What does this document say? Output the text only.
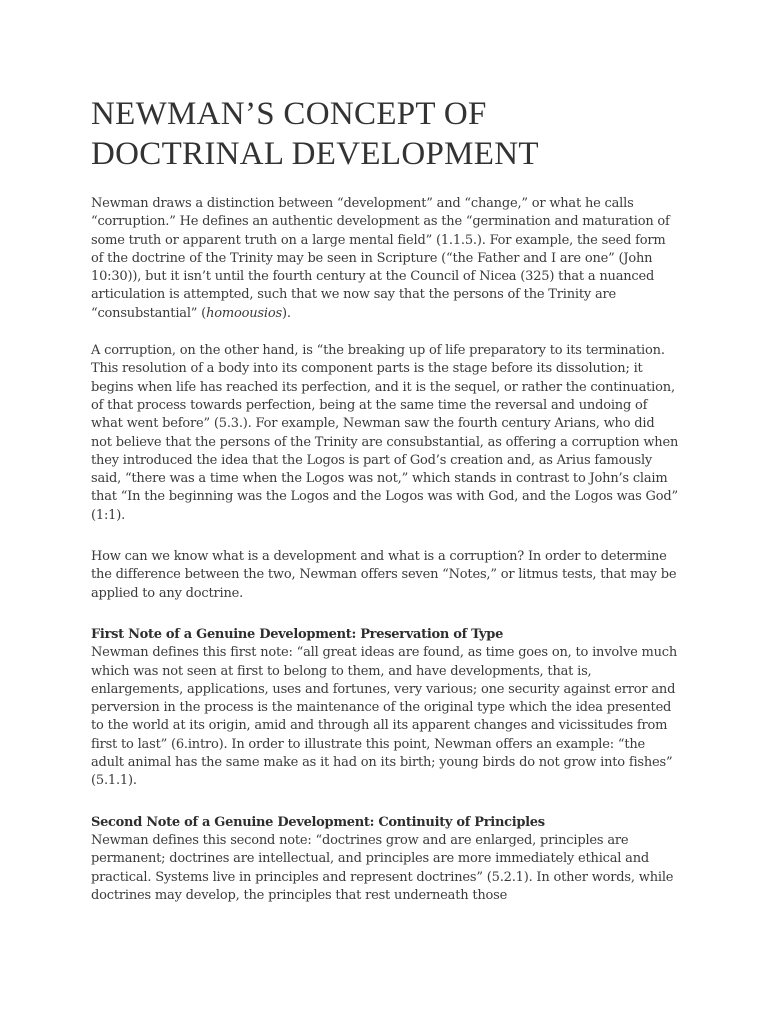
NEWMAN’S CONCEPT OF DOCTRINAL DEVELOPMENT

Newman draws a distinction between “development” and “change,” or what he calls “corruption.” He defines an authentic development as the “germination and maturation of some truth or apparent truth on a large mental field” (1.1.5.). For example, the seed form of the doctrine of the Trinity may be seen in Scripture (“the Father and I are one” (John 10:30)), but it isn’t until the fourth century at the Council of Nicea (325) that a nuanced articulation is attempted, such that we now say that the persons of the Trinity are “consubstantial” (homoousios).

A corruption, on the other hand, is “the breaking up of life preparatory to its termination. This resolution of a body into its component parts is the stage before its dissolution; it begins when life has reached its perfection, and it is the sequel, or rather the continuation, of that process towards perfection, being at the same time the reversal and undoing of what went before” (5.3.). For example, Newman saw the fourth century Arians, who did not believe that the persons of the Trinity are consubstantial, as offering a corruption when they introduced the idea that the Logos is part of God’s creation and, as Arius famously said, “there was a time when the Logos was not,” which stands in contrast to John’s claim that “In the beginning was the Logos and the Logos was with God, and the Logos was God” (1:1).

How can we know what is a development and what is a corruption? In order to determine the difference between the two, Newman offers seven “Notes,” or litmus tests, that may be applied to any doctrine.

First Note of a Genuine Development: Preservation of Type

Newman defines this first note: “all great ideas are found, as time goes on, to involve much which was not seen at first to belong to them, and have developments, that is, enlargements, applications, uses and fortunes, very various; one security against error and perversion in the process is the maintenance of the original type which the idea presented to the world at its origin, amid and through all its apparent changes and vicissitudes from first to last” (6.intro). In order to illustrate this point, Newman offers an example: “the adult animal has the same make as it had on its birth; young birds do not grow into fishes” (5.1.1).

Second Note of a Genuine Development: Continuity of Principles

Newman defines this second note: “doctrines grow and are enlarged, principles are permanent; doctrines are intellectual, and principles are more immediately ethical and practical. Systems live in principles and represent doctrines” (5.2.1). In other words, while doctrines may develop, the principles that rest underneath those
